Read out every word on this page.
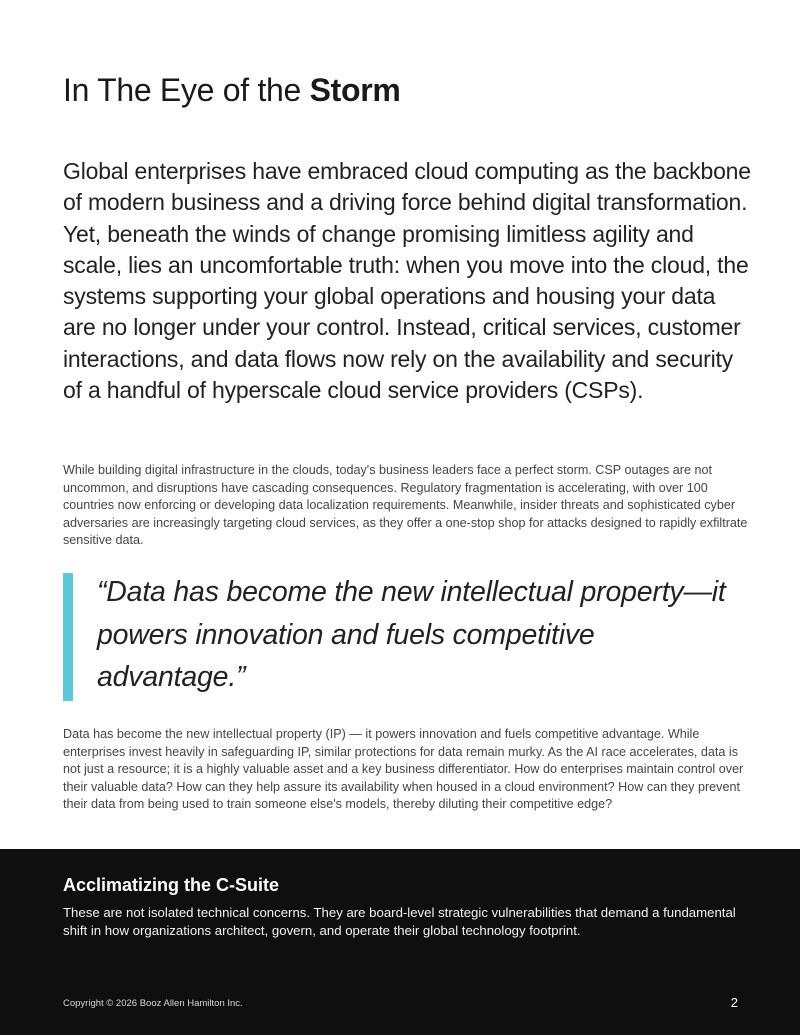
In The Eye of the Storm

Global enterprises have embraced cloud computing as the backbone of modern business and a driving force behind digital transformation. Yet, beneath the winds of change promising limitless agility and scale, lies an uncomfortable truth: when you move into the cloud, the systems supporting your global operations and housing your data are no longer under your control. Instead, critical services, customer interactions, and data flows now rely on the availability and security of a handful of hyperscale cloud service providers (CSPs).

While building digital infrastructure in the clouds, today's business leaders face a perfect storm. CSP outages are not uncommon, and disruptions have cascading consequences. Regulatory fragmentation is accelerating, with over 100 countries now enforcing or developing data localization requirements. Meanwhile, insider threats and sophisticated cyber adversaries are increasingly targeting cloud services, as they offer a one-stop shop for attacks designed to rapidly exfiltrate sensitive data.

“Data has become the new intellectual property—it powers innovation and fuels competitive advantage.”

Data has become the new intellectual property (IP) — it powers innovation and fuels competitive advantage. While enterprises invest heavily in safeguarding IP, similar protections for data remain murky. As the AI race accelerates, data is not just a resource; it is a highly valuable asset and a key business differentiator. How do enterprises maintain control over their valuable data? How can they help assure its availability when housed in a cloud environment? How can they prevent their data from being used to train someone else's models, thereby diluting their competitive edge?

Acclimatizing the C-Suite

These are not isolated technical concerns. They are board-level strategic vulnerabilities that demand a fundamental shift in how organizations architect, govern, and operate their global technology footprint.

Copyright © 2026 Booz Allen Hamilton Inc.	2
